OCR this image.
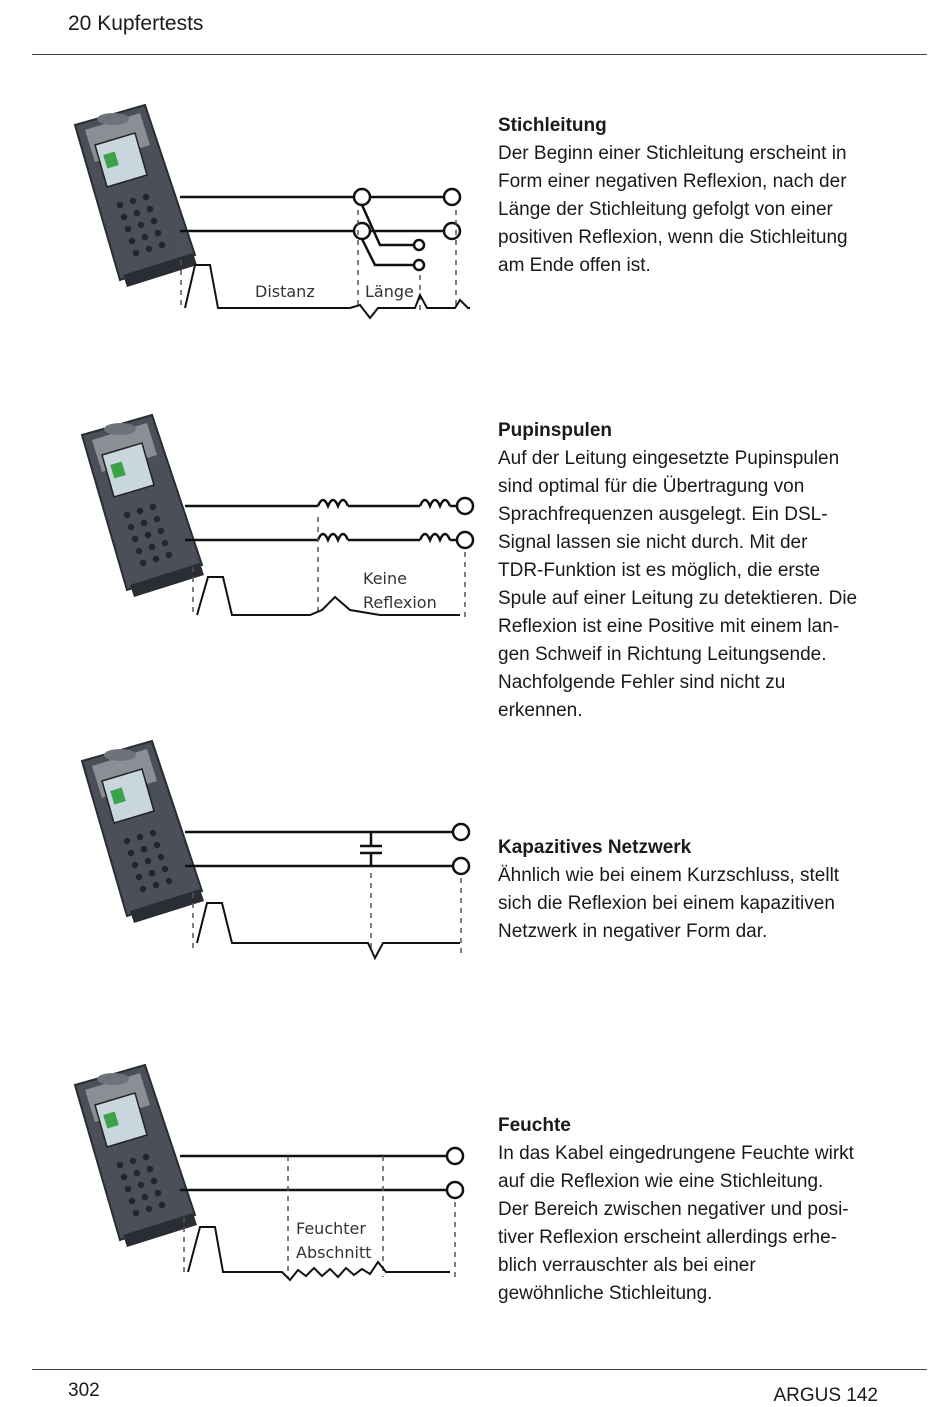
20 Kupfertests
Distanz	Länge
Stichleitung

Der Beginn einer Stichleitung erscheint in

Form einer negativen Reflexion, nach der

Länge der Stichleitung gefolgt von einer

positiven Reflexion, wenn die Stichleitung

am Ende offen ist.

Keine
Reflexion
Pupinspulen

Auf der Leitung eingesetzte Pupinspulen

sind optimal für die Übertragung von

Sprachfrequenzen ausgelegt. Ein DSL-

Signal lassen sie nicht durch. Mit der

TDR-Funktion ist es möglich, die erste

Spule auf einer Leitung zu detektieren. Die

Reflexion ist eine Positive mit einem lan-

gen Schweif in Richtung Leitungsende.

Nachfolgende Fehler sind nicht zu

erkennen.

Kapazitives Netzwerk

Ähnlich wie bei einem Kurzschluss, stellt

sich die Reflexion bei einem kapazitiven

Netzwerk in negativer Form dar.

Feuchter
Abschnitt
Feuchte

In das Kabel eingedrungene Feuchte wirkt

auf die Reflexion wie eine Stichleitung.

Der Bereich zwischen negativer und posi-

tiver Reflexion erscheint allerdings erhe-

blich verrauschter als bei einer

gewöhnliche Stichleitung.

302	ARGUS 142
